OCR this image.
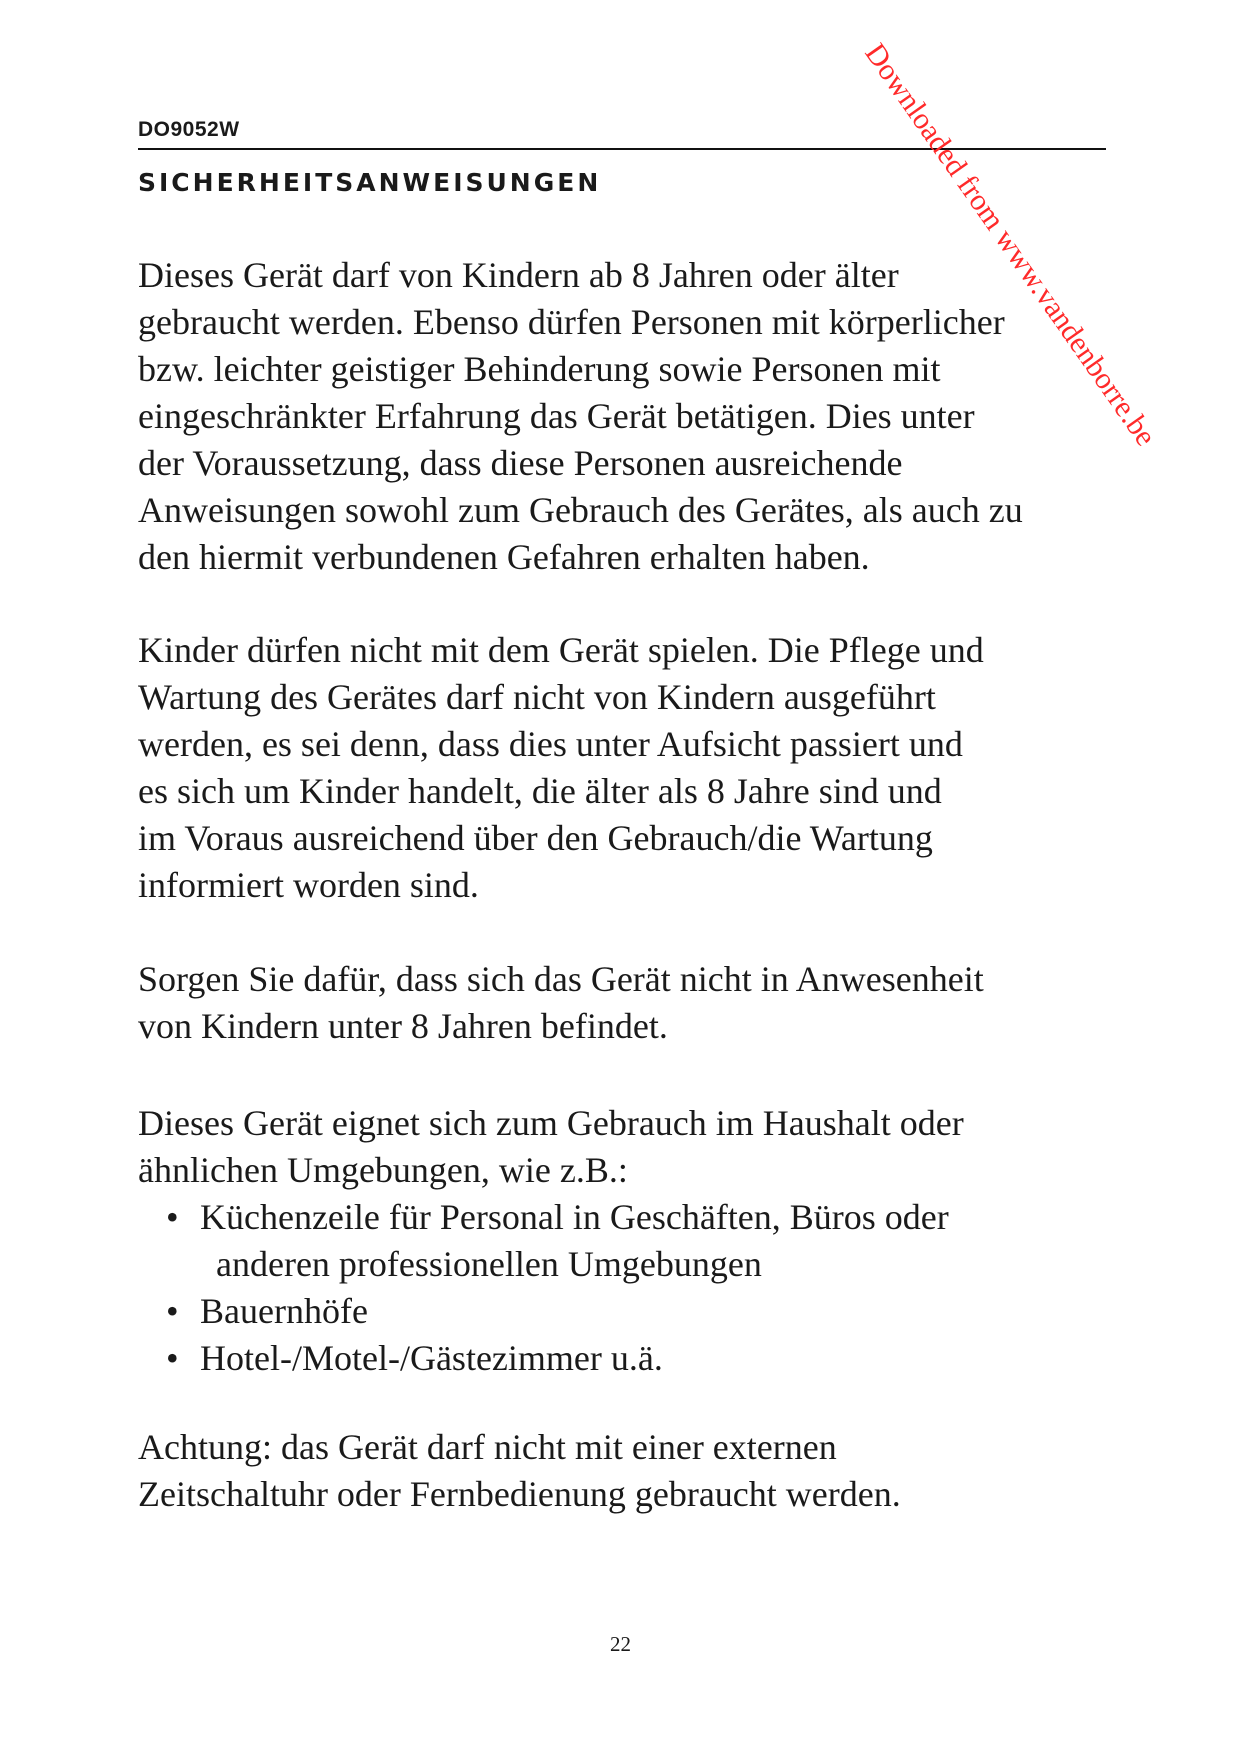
DO9052W
sicherheitsanweisungen

Dieses Gerät darf von Kindern ab 8 Jahren oder älter
gebraucht werden. Ebenso dürfen Personen mit körperlicher
bzw. leichter geistiger Behinderung sowie Personen mit
eingeschränkter Erfahrung das Gerät betätigen. Dies unter
der Voraussetzung, dass diese Personen ausreichende
Anweisungen sowohl zum Gebrauch des Gerätes, als auch zu
den hiermit verbundenen Gefahren erhalten haben.

Kinder dürfen nicht mit dem Gerät spielen. Die Pflege und
Wartung des Gerätes darf nicht von Kindern ausgeführt
werden, es sei denn, dass dies unter Aufsicht passiert und
es sich um Kinder handelt, die älter als 8 Jahre sind und
im Voraus ausreichend über den Gebrauch/die Wartung
informiert worden sind.

Sorgen Sie dafür, dass sich das Gerät nicht in Anwesenheit
von Kindern unter 8 Jahren befindet.

Dieses Gerät eignet sich zum Gebrauch im Haushalt oder
ähnlichen Umgebungen, wie z.B.:

• Küchenzeile für Personal in Geschäften, Büros oder
anderen professionellen Umgebungen
• Bauernhöfe
• Hotel-/Motel-/Gästezimmer u.ä.

Achtung: das Gerät darf nicht mit einer externen
Zeitschaltuhr oder Fernbedienung gebraucht werden.

22
Downloaded from www.vandenborre.be
